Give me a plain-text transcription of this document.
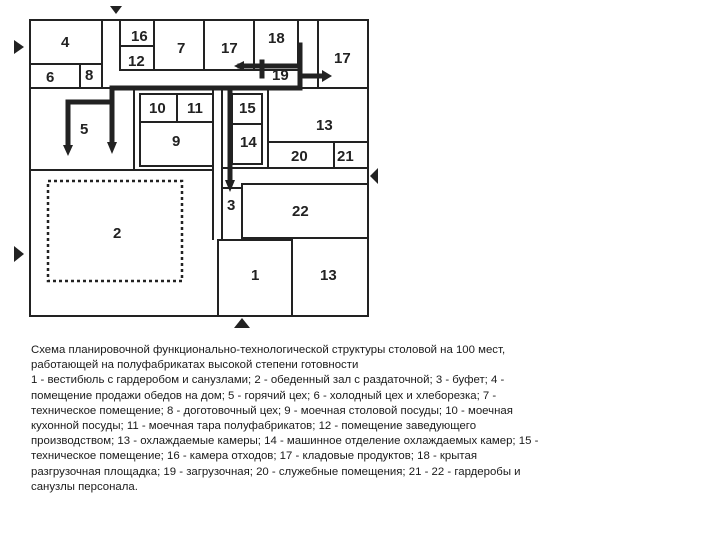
4	16
7 17
18
17
12
6 8	19
5
10 11
9
15
13
14
20 21
2
3	22
1	13
Схема планировочной функционально-технологической структуры столовой на 100 мест,
работающей на полуфабрикатах высокой степени готовности
1 - вестибюль с гардеробом и санузлами; 2 - обеденный зал с раздаточной; 3 - буфет; 4 -
помещение продажи обедов на дом; 5 - горячий цех; 6 - холодный цех и хлеборезка; 7 -
техническое помещение; 8 - доготовочный цех; 9 - моечная столовой посуды; 10 - моечная
кухонной посуды; 11 - моечная тара полуфабрикатов; 12 - помещение заведующего
производством; 13 - охлаждаемые камеры; 14 - машинное отделение охлаждаемых камер; 15 -
техническое помещение; 16 - камера отходов; 17 - кладовые продуктов; 18 - крытая
разгрузочная площадка; 19 - загрузочная; 20 - служебные помещения; 21 - 22 - гардеробы и
санузлы персонала.
